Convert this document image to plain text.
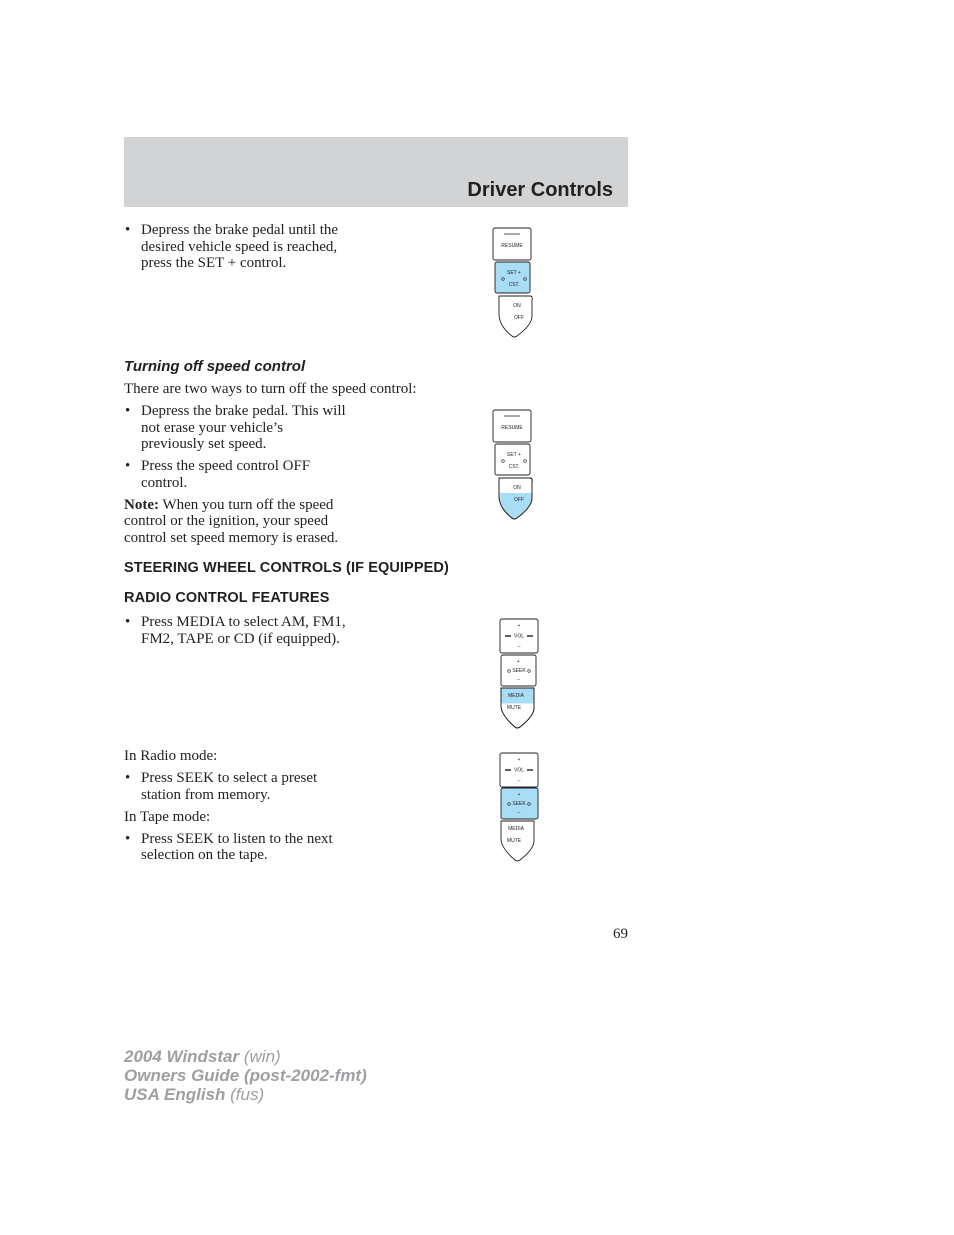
Driver Controls
• Depress the brake pedal until the
desired vehicle speed is reached,
press the SET + control.
Turning off speed control
There are two ways to turn off the speed control:
• Depress the brake pedal. This will
not erase your vehicle’s
previously set speed.
• Press the speed control OFF
control.
Note: When you turn off the speed
control or the ignition, your speed
control set speed memory is erased.
STEERING WHEEL CONTROLS (IF EQUIPPED)
RADIO CONTROL FEATURES
• Press MEDIA to select AM, FM1,
FM2, TAPE or CD (if equipped).
In Radio mode:
• Press SEEK to select a preset
station from memory.
In Tape mode:
• Press SEEK to listen to the next
selection on the tape.
RESUME
SET +
CST.
ON
OFF
RESUME
SET +
CST.
ON
OFF
+
VOL
–
+
SEEK
–
MEDIA
MUTE
+
VOL
–
+
SEEK
–
MEDIA
MUTE
69
2004 Windstar (win)
Owners Guide (post-2002-fmt)
USA English (fus)
